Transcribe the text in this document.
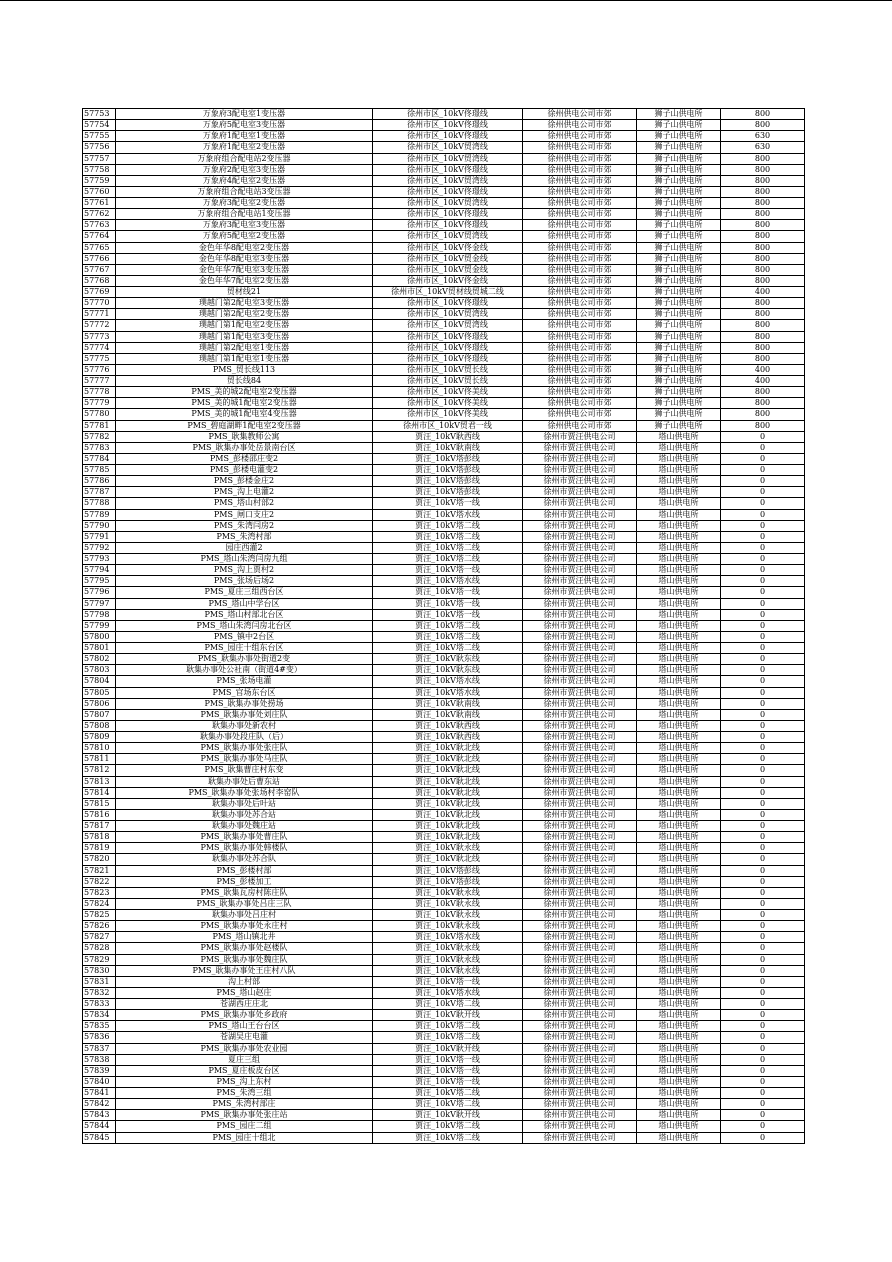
57753	万象府3配电室1变压器	徐州市区_10kV佟璟线	徐州供电公司市郊	狮子山供电所	800
57754	万象府5配电室3变压器	徐州市区_10kV佟璟线	徐州供电公司市郊	狮子山供电所	800
57755	万象府1配电室1变压器	徐州市区_10kV佟璟线	徐州供电公司市郊	狮子山供电所	630
57756	万象府1配电室2变压器	徐州市区_10kV贸湾线	徐州供电公司市郊	狮子山供电所	630
57757	万象府组合配电站2变压器	徐州市区_10kV贸湾线	徐州供电公司市郊	狮子山供电所	800
57758	万象府2配电室3变压器	徐州市区_10kV佟璟线	徐州供电公司市郊	狮子山供电所	800
57759	万象府4配电室2变压器	徐州市区_10kV贸湾线	徐州供电公司市郊	狮子山供电所	800
57760	万象府组合配电站3变压器	徐州市区_10kV佟璟线	徐州供电公司市郊	狮子山供电所	800
57761	万象府3配电室2变压器	徐州市区_10kV贸湾线	徐州供电公司市郊	狮子山供电所	800
57762	万象府组合配电站1变压器	徐州市区_10kV佟璟线	徐州供电公司市郊	狮子山供电所	800
57763	万象府3配电室3变压器	徐州市区_10kV佟璟线	徐州供电公司市郊	狮子山供电所	800
57764	万象府5配电室2变压器	徐州市区_10kV贸湾线	徐州供电公司市郊	狮子山供电所	800
57765	金色年华8配电室2变压器	徐州市区_10kV佟金线	徐州供电公司市郊	狮子山供电所	800
57766	金色年华8配电室3变压器	徐州市区_10kV贸金线	徐州供电公司市郊	狮子山供电所	800
57767	金色年华7配电室3变压器	徐州市区_10kV贸金线	徐州供电公司市郊	狮子山供电所	800
57768	金色年华7配电室2变压器	徐州市区_10kV佟金线	徐州供电公司市郊	狮子山供电所	800
57769	贸材线21	徐州市区_10kV贸材线贸城二线	徐州供电公司市郊	狮子山供电所	400
57770	璞越门第2配电室3变压器	徐州市区_10kV佟璟线	徐州供电公司市郊	狮子山供电所	800
57771	璞越门第2配电室2变压器	徐州市区_10kV贸湾线	徐州供电公司市郊	狮子山供电所	800
57772	璞越门第1配电室2变压器	徐州市区_10kV贸湾线	徐州供电公司市郊	狮子山供电所	800
57773	璞越门第1配电室3变压器	徐州市区_10kV佟璟线	徐州供电公司市郊	狮子山供电所	800
57774	璞越门第2配电室1变压器	徐州市区_10kV佟璟线	徐州供电公司市郊	狮子山供电所	800
57775	璞越门第1配电室1变压器	徐州市区_10kV佟璟线	徐州供电公司市郊	狮子山供电所	800
57776	PMS_贸长线113	徐州市区_10kV贸长线	徐州供电公司市郊	狮子山供电所	400
57777	贸长线84	徐州市区_10kV贸长线	徐州供电公司市郊	狮子山供电所	400
57778	PMS_美的城2配电室2变压器	徐州市区_10kV佟美线	徐州供电公司市郊	狮子山供电所	800
57779	PMS_美的城1配电室2变压器	徐州市区_10kV佟美线	徐州供电公司市郊	狮子山供电所	800
57780	PMS_美的城1配电室4变压器	徐州市区_10kV佟美线	徐州供电公司市郊	狮子山供电所	800
57781	PMS_碧庭湖畔1配电室2变压器	徐州市区_10kV贸君一线	徐州供电公司市郊	狮子山供电所	800
57782	PMS_耿集教师公寓	贾汪_10kV耿西线	徐州市贾汪供电公司	塔山供电所	0
57783	PMS_耿集办事处岳景南台区	贾汪_10kV耿南线	徐州市贾汪供电公司	塔山供电所	0
57784	PMS_彭楼邵庄变2	贾汪_10kV塔彭线	徐州市贾汪供电公司	塔山供电所	0
57785	PMS_彭楼电灌变2	贾汪_10kV塔彭线	徐州市贾汪供电公司	塔山供电所	0
57786	PMS_彭楼金庄2	贾汪_10kV塔彭线	徐州市贾汪供电公司	塔山供电所	0
57787	PMS_沟上电灌2	贾汪_10kV塔彭线	徐州市贾汪供电公司	塔山供电所	0
57788	PMS_塔山村部2	贾汪_10kV塔一线	徐州市贾汪供电公司	塔山供电所	0
57789	PMS_闸口支庄2	贾汪_10kV塔水线	徐州市贾汪供电公司	塔山供电所	0
57790	PMS_朱湾闫房2	贾汪_10kV塔二线	徐州市贾汪供电公司	塔山供电所	0
57791	PMS_朱湾村部	贾汪_10kV塔二线	徐州市贾汪供电公司	塔山供电所	0
57792	园庄西灌2	贾汪_10kV塔二线	徐州市贾汪供电公司	塔山供电所	0
57793	PMS_塔山朱湾闫房九组	贾汪_10kV塔二线	徐州市贾汪供电公司	塔山供电所	0
57794	PMS_沟上贾村2	贾汪_10kV塔一线	徐州市贾汪供电公司	塔山供电所	0
57795	PMS_张场后场2	贾汪_10kV塔水线	徐州市贾汪供电公司	塔山供电所	0
57796	PMS_夏庄三组西台区	贾汪_10kV塔一线	徐州市贾汪供电公司	塔山供电所	0
57797	PMS_塔山中学台区	贾汪_10kV塔一线	徐州市贾汪供电公司	塔山供电所	0
57798	PMS_塔山村部北台区	贾汪_10kV塔一线	徐州市贾汪供电公司	塔山供电所	0
57799	PMS_塔山朱湾闫房北台区	贾汪_10kV塔二线	徐州市贾汪供电公司	塔山供电所	0
57800	PMS_镇中2台区	贾汪_10kV塔二线	徐州市贾汪供电公司	塔山供电所	0
57801	PMS_园庄十组东台区	贾汪_10kV塔二线	徐州市贾汪供电公司	塔山供电所	0
57802	PMS_耿集办事处街道2变	贾汪_10kV耿东线	徐州市贾汪供电公司	塔山供电所	0
57803	耿集办事处公社南（街道4#变）	贾汪_10kV耿东线	徐州市贾汪供电公司	塔山供电所	0
57804	PMS_张场电灌	贾汪_10kV塔水线	徐州市贾汪供电公司	塔山供电所	0
57805	PMS_官场东台区	贾汪_10kV塔水线	徐州市贾汪供电公司	塔山供电所	0
57806	PMS_耿集办事处捞场	贾汪_10kV耿南线	徐州市贾汪供电公司	塔山供电所	0
57807	PMS_耿集办事处刘庄队	贾汪_10kV耿南线	徐州市贾汪供电公司	塔山供电所	0
57808	耿集办事处新农村	贾汪_10kV耿西线	徐州市贾汪供电公司	塔山供电所	0
57809	耿集办事处段庄队（后）	贾汪_10kV耿西线	徐州市贾汪供电公司	塔山供电所	0
57810	PMS_耿集办事处张庄队	贾汪_10kV耿北线	徐州市贾汪供电公司	塔山供电所	0
57811	PMS_耿集办事处马庄队	贾汪_10kV耿北线	徐州市贾汪供电公司	塔山供电所	0
57812	PMS_耿集曹庄村东变	贾汪_10kV耿北线	徐州市贾汪供电公司	塔山供电所	0
57813	耿集办事处后曹东站	贾汪_10kV耿北线	徐州市贾汪供电公司	塔山供电所	0
57814	PMS_耿集办事处张场村李窑队	贾汪_10kV耿北线	徐州市贾汪供电公司	塔山供电所	0
57815	耿集办事处后叶站	贾汪_10kV耿北线	徐州市贾汪供电公司	塔山供电所	0
57816	耿集办事处苏合站	贾汪_10kV耿北线	徐州市贾汪供电公司	塔山供电所	0
57817	耿集办事处魏庄站	贾汪_10kV耿北线	徐州市贾汪供电公司	塔山供电所	0
57818	PMS_耿集办事处曹庄队	贾汪_10kV耿北线	徐州市贾汪供电公司	塔山供电所	0
57819	PMS_耿集办事处韩楼队	贾汪_10kV耿永线	徐州市贾汪供电公司	塔山供电所	0
57820	耿集办事处苏合队	贾汪_10kV耿北线	徐州市贾汪供电公司	塔山供电所	0
57821	PMS_彭楼村部	贾汪_10kV塔彭线	徐州市贾汪供电公司	塔山供电所	0
57822	PMS_彭楼加工	贾汪_10kV塔彭线	徐州市贾汪供电公司	塔山供电所	0
57823	PMS_耿集瓦房村陈庄队	贾汪_10kV耿永线	徐州市贾汪供电公司	塔山供电所	0
57824	PMS_耿集办事处吕庄三队	贾汪_10kV耿永线	徐州市贾汪供电公司	塔山供电所	0
57825	耿集办事处吕庄村	贾汪_10kV耿永线	徐州市贾汪供电公司	塔山供电所	0
57826	PMS_耿集办事处永庄村	贾汪_10kV耿永线	徐州市贾汪供电公司	塔山供电所	0
57827	PMS_塔山镇北井	贾汪_10kV塔水线	徐州市贾汪供电公司	塔山供电所	0
57828	PMS_耿集办事处赵楼队	贾汪_10kV耿永线	徐州市贾汪供电公司	塔山供电所	0
57829	PMS_耿集办事处魏庄队	贾汪_10kV耿永线	徐州市贾汪供电公司	塔山供电所	0
57830	PMS_耿集办事处王庄村八队	贾汪_10kV耿永线	徐州市贾汪供电公司	塔山供电所	0
57831	沟上村部	贾汪_10kV塔一线	徐州市贾汪供电公司	塔山供电所	0
57832	PMS_塔山赵庄	贾汪_10kV塔水线	徐州市贾汪供电公司	塔山供电所	0
57833	苍湖西庄庄北	贾汪_10kV塔二线	徐州市贾汪供电公司	塔山供电所	0
57834	PMS_耿集办事处乡政府	贾汪_10kV耿开线	徐州市贾汪供电公司	塔山供电所	0
57835	PMS_塔山王台台区	贾汪_10kV塔二线	徐州市贾汪供电公司	塔山供电所	0
57836	苍湖吴庄电灌	贾汪_10kV塔二线	徐州市贾汪供电公司	塔山供电所	0
57837	PMS_耿集办事处农业园	贾汪_10kV耿开线	徐州市贾汪供电公司	塔山供电所	0
57838	夏庄三组	贾汪_10kV塔一线	徐州市贾汪供电公司	塔山供电所	0
57839	PMS_夏庄板皮台区	贾汪_10kV塔一线	徐州市贾汪供电公司	塔山供电所	0
57840	PMS_沟上东村	贾汪_10kV塔一线	徐州市贾汪供电公司	塔山供电所	0
57841	PMS_朱湾三组	贾汪_10kV塔二线	徐州市贾汪供电公司	塔山供电所	0
57842	PMS_朱湾村部庄	贾汪_10kV塔二线	徐州市贾汪供电公司	塔山供电所	0
57843	PMS_耿集办事处张庄站	贾汪_10kV耿开线	徐州市贾汪供电公司	塔山供电所	0
57844	PMS_园庄二组	贾汪_10kV塔二线	徐州市贾汪供电公司	塔山供电所	0
57845	PMS_园庄十组北	贾汪_10kV塔二线	徐州市贾汪供电公司	塔山供电所	0
